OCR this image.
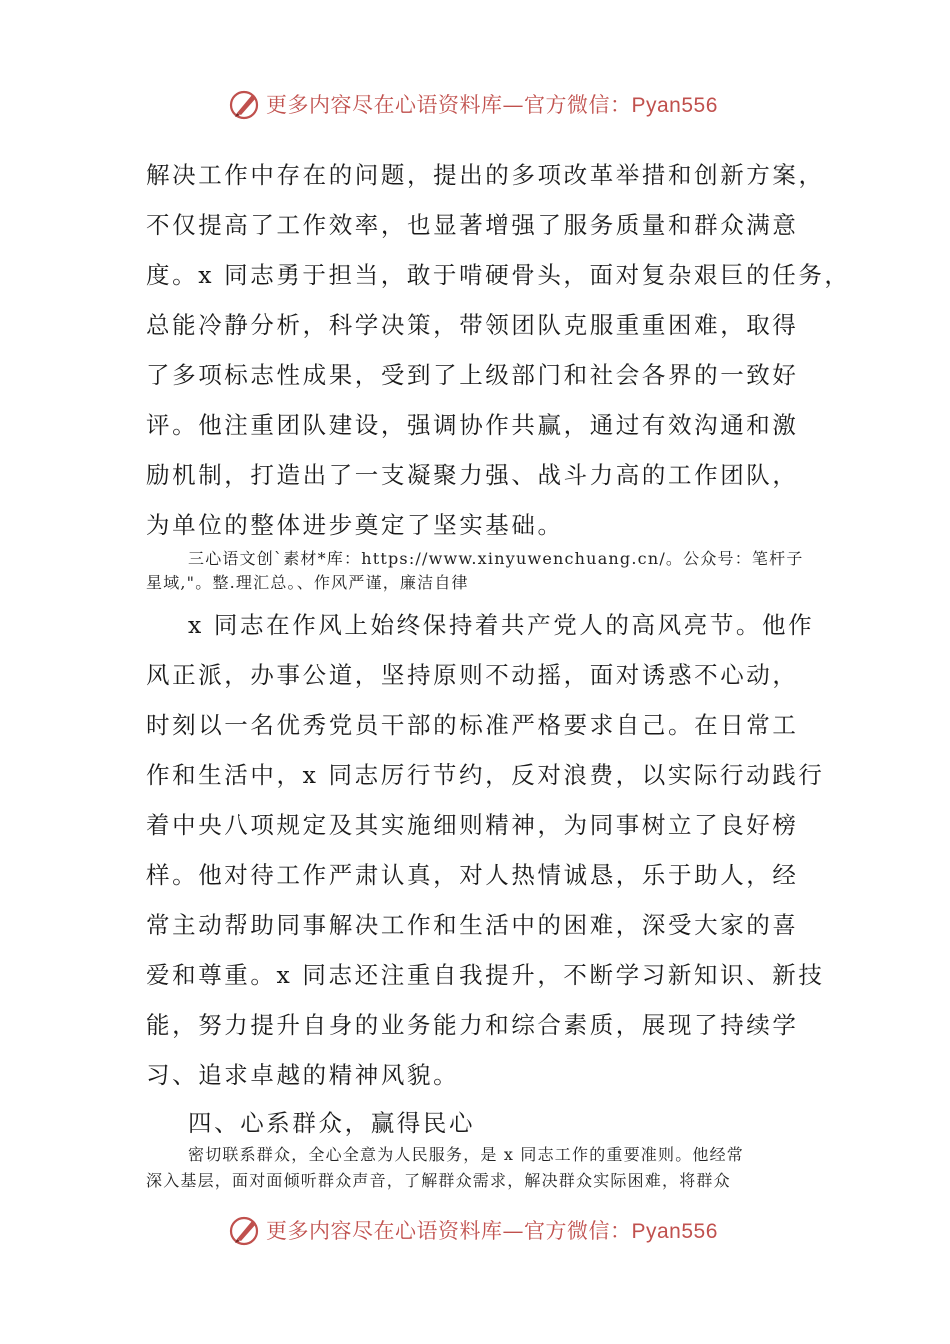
更多内容尽在心语资料库—官方微信：Pyan556
解决工作中存在的问题，提出的多项改革举措和创新方案，
不仅提高了工作效率，也显著增强了服务质量和群众满意
度。x 同志勇于担当，敢于啃硬骨头，面对复杂艰巨的任务，
总能冷静分析，科学决策，带领团队克服重重困难，取得
了多项标志性成果，受到了上级部门和社会各界的一致好
评。他注重团队建设，强调协作共赢，通过有效沟通和激
励机制，打造出了一支凝聚力强、战斗力高的工作团队，
为单位的整体进步奠定了坚实基础。
三心语文创`素材*库：https://www.xinyuwenchuang.cn/。公众号：笔杆子
星域,"。整.理汇总。、作风严谨，廉洁自律
x 同志在作风上始终保持着共产党人的高风亮节。他作
风正派，办事公道，坚持原则不动摇，面对诱惑不心动，
时刻以一名优秀党员干部的标准严格要求自己。在日常工
作和生活中，x 同志厉行节约，反对浪费，以实际行动践行
着中央八项规定及其实施细则精神，为同事树立了良好榜
样。他对待工作严肃认真，对人热情诚恳，乐于助人，经
常主动帮助同事解决工作和生活中的困难，深受大家的喜
爱和尊重。x 同志还注重自我提升，不断学习新知识、新技
能，努力提升自身的业务能力和综合素质，展现了持续学
习、追求卓越的精神风貌。
四、心系群众，赢得民心
密切联系群众，全心全意为人民服务，是 x 同志工作的重要准则。他经常
深入基层，面对面倾听群众声音，了解群众需求，解决群众实际困难，将群众
更多内容尽在心语资料库—官方微信：Pyan556
